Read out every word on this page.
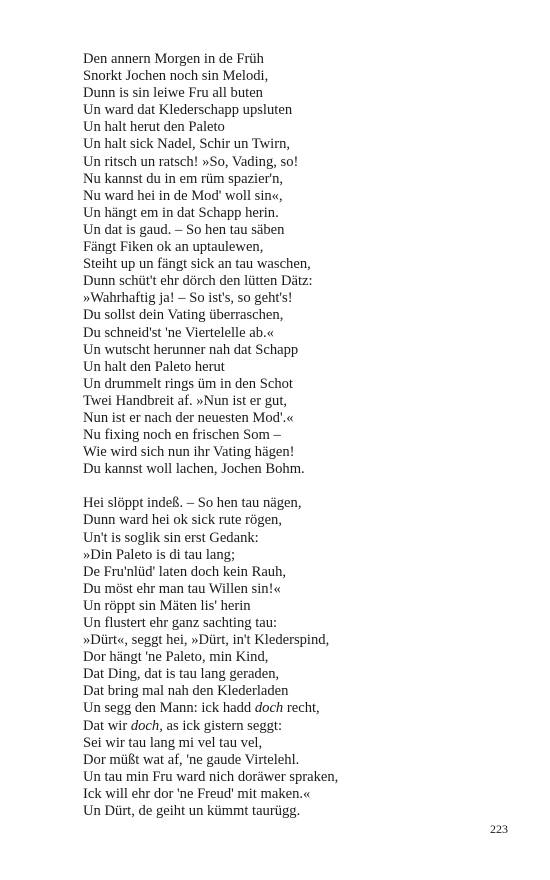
Den annern Morgen in de Früh
Snorkt Jochen noch sin Melodi,
Dunn is sin leiwe Fru all buten
Un ward dat Klederschapp upsluten
Un halt herut den Paleto
Un halt sick Nadel, Schir un Twirn,
Un ritsch un ratsch! »So, Vading, so!
Nu kannst du in em rüm spazier'n,
Nu ward hei in de Mod' woll sin«,
Un hängt em in dat Schapp herin.
Un dat is gaud. – So hen tau säben
Fängt Fiken ok an uptaulewen,
Steiht up un fängt sick an tau waschen,
Dunn schüt't ehr dörch den lütten Dätz:
»Wahrhaftig ja! – So ist's, so geht's!
Du sollst dein Vating überraschen,
Du schneid'st 'ne Viertelelle ab.«
Un wutscht herunner nah dat Schapp
Un halt den Paleto herut
Un drummelt rings üm in den Schot
Twei Handbreit af. »Nun ist er gut,
Nun ist er nach der neuesten Mod'.«
Nu fixing noch en frischen Som –
Wie wird sich nun ihr Vating hägen!
Du kannst woll lachen, Jochen Bohm.
Hei slöppt indeß. – So hen tau nägen,
Dunn ward hei ok sick rute rögen,
Un't is soglik sin erst Gedank:
»Din Paleto is di tau lang;
De Fru'nlüd' laten doch kein Rauh,
Du möst ehr man tau Willen sin!«
Un röppt sin Mäten lis' herin
Un flustert ehr ganz sachting tau:
»Dürt«, seggt hei, »Dürt, in't Klederspind,
Dor hängt 'ne Paleto, min Kind,
Dat Ding, dat is tau lang geraden,
Dat bring mal nah den Klederladen
Un segg den Mann: ick hadd doch recht,
Dat wir doch, as ick gistern seggt:
Sei wir tau lang mi vel tau vel,
Dor müßt wat af, 'ne gaude Virtelehl.
Un tau min Fru ward nich doräwer spraken,
Ick will ehr dor 'ne Freud' mit maken.«
Un Dürt, de geiht un kümmt taurügg.
223
